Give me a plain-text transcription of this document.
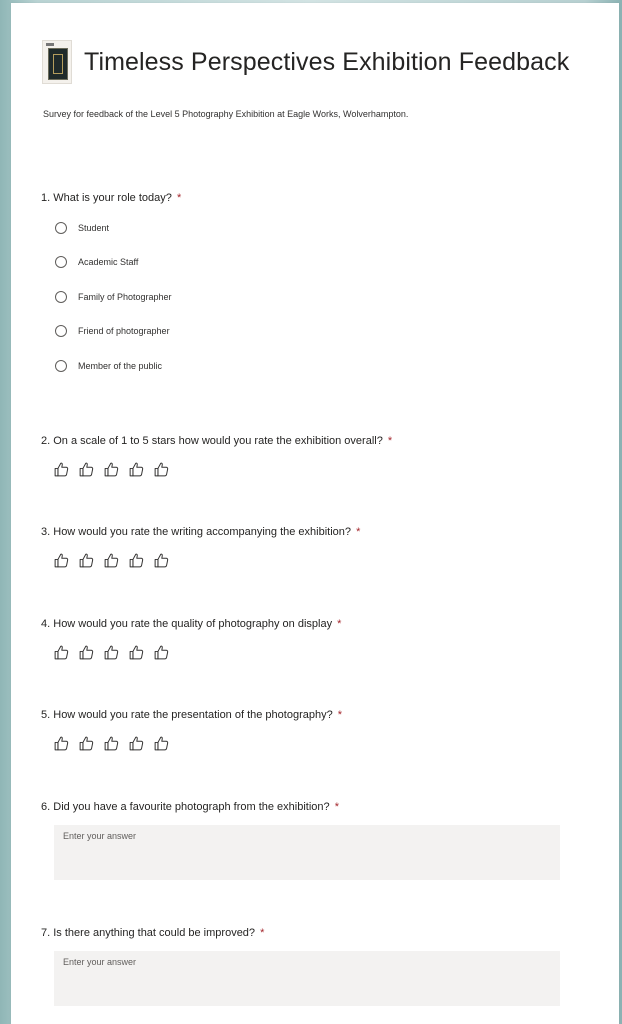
Timeless Perspectives Exhibition Feedback
Survey for feedback of the Level 5 Photography Exhibition at Eagle Works, Wolverhampton.
1. What is your role today? *
Student
Academic Staff
Family of Photographer
Friend of photographer
Member of the public
2. On a scale of 1 to 5 stars how would you rate the exhibition overall? *
3. How would you rate the writing accompanying the exhibition? *
4. How would you rate the quality of photography on display *
5. How would you rate the presentation of the photography? *
6. Did you have a favourite photograph from the exhibition? *
Enter your answer
7. Is there anything that could be improved? *
Enter your answer
